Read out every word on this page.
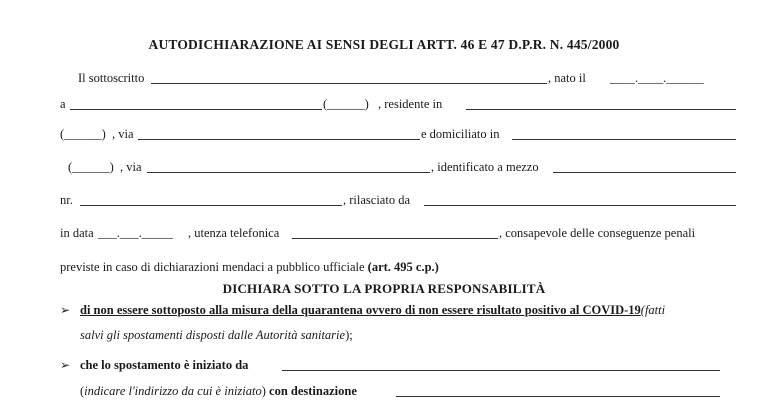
AUTODICHIARAZIONE AI SENSI DEGLI ARTT. 46 E 47 D.P.R. N. 445/2000
Il sottoscritto	, nato il ____.____.______
a	(______) , residente in
(______) , via	e domiciliato in
(______) , via	, identificato a mezzo
nr.	, rilasciato da
in data ___.___._____ , utenza telefonica	, consapevole delle conseguenze penali
previste in caso di dichiarazioni mendaci a pubblico ufficiale (art. 495 c.p.)
DICHIARA SOTTO LA PROPRIA RESPONSABILITÀ
➢ di non essere sottoposto alla misura della quarantena ovvero di non essere risultato positivo al COVID-19(fatti
salvi gli spostamenti disposti dalle Autorità sanitarie);
➢ che lo spostamento è iniziato da
(indicare l'indirizzo da cui è iniziato) con destinazione
